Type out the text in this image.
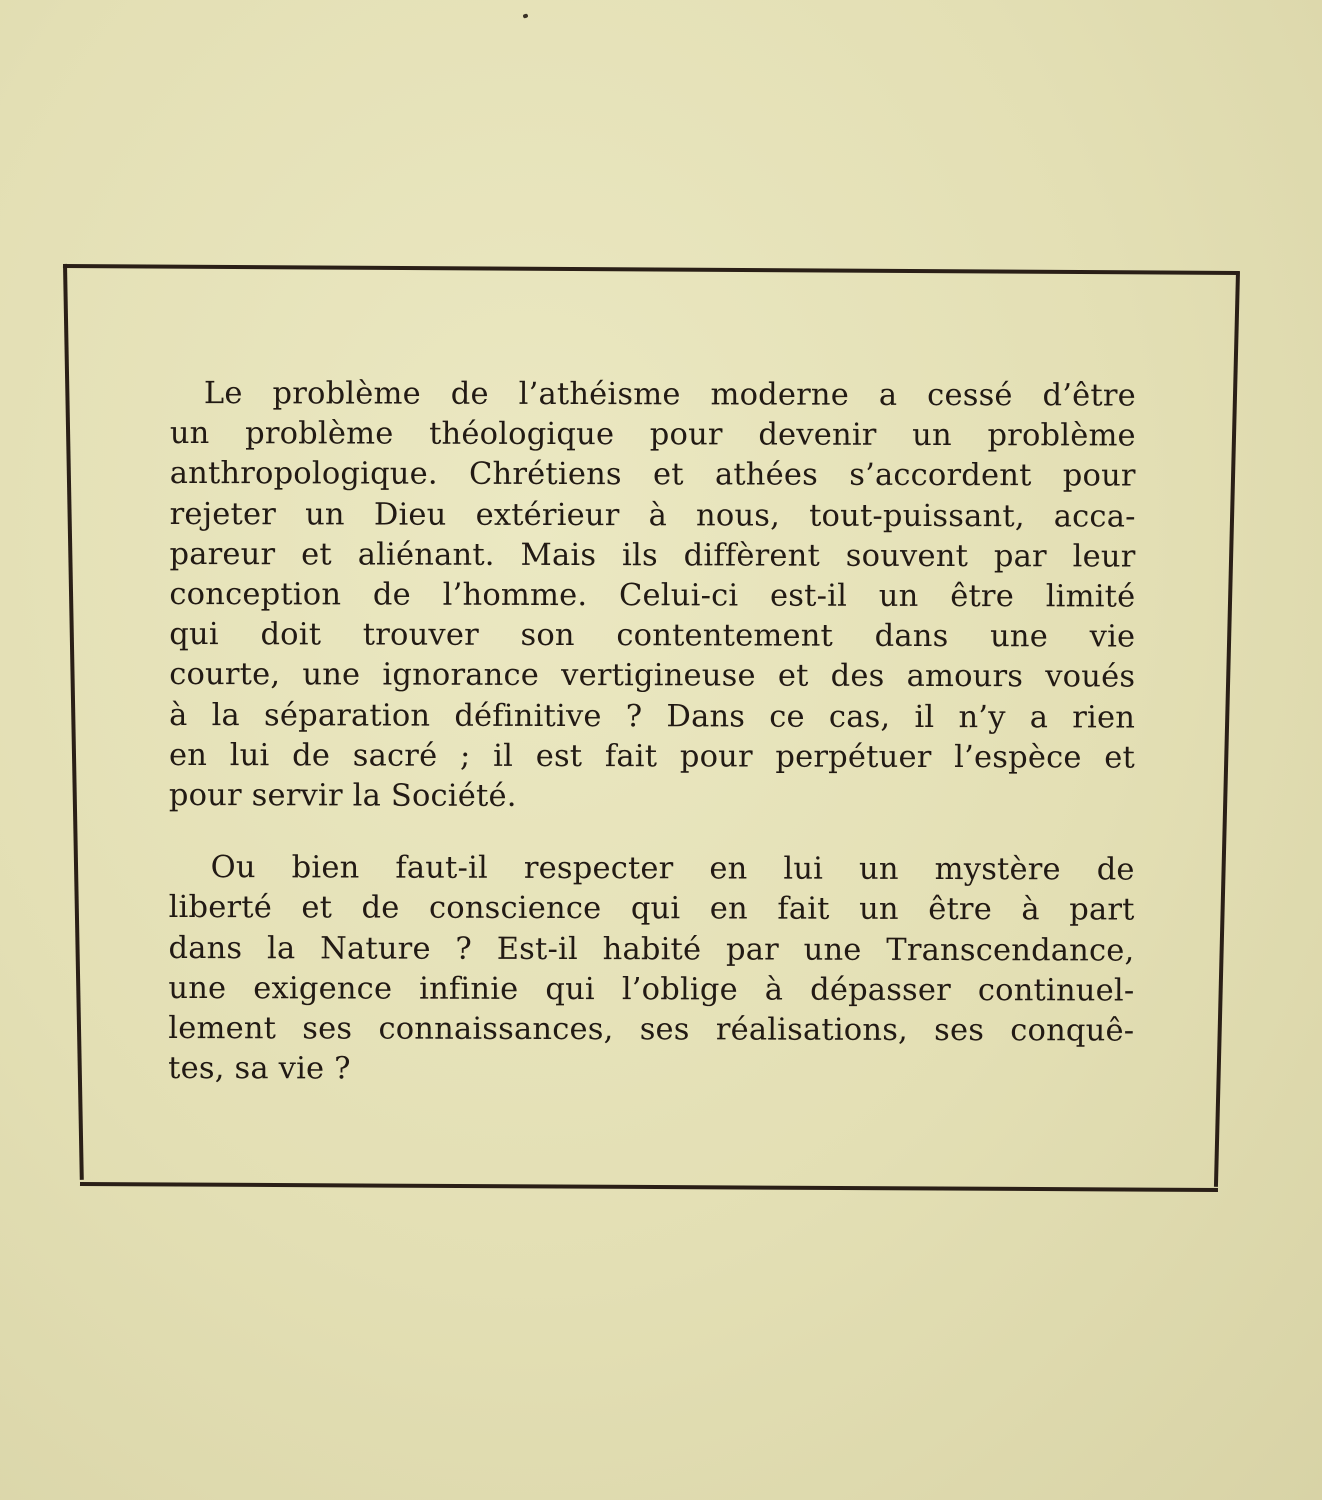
Le problème de l’athéisme moderne a cessé d’être
un problème théologique pour devenir un problème
anthropologique. Chrétiens et athées s’accordent pour
rejeter un Dieu extérieur à nous, tout-puissant, acca-
pareur et aliénant. Mais ils diffèrent souvent par leur
conception de l’homme. Celui-ci est-il un être limité
qui doit trouver son contentement dans une vie
courte, une ignorance vertigineuse et des amours voués
à la séparation définitive ? Dans ce cas, il n’y a rien
en lui de sacré ; il est fait pour perpétuer l’espèce et
pour servir la Société.

Ou bien faut-il respecter en lui un mystère de
liberté et de conscience qui en fait un être à part
dans la Nature ? Est-il habité par une Transcendance,
une exigence infinie qui l’oblige à dépasser continuel-
lement ses connaissances, ses réalisations, ses conquê-
tes, sa vie ?
